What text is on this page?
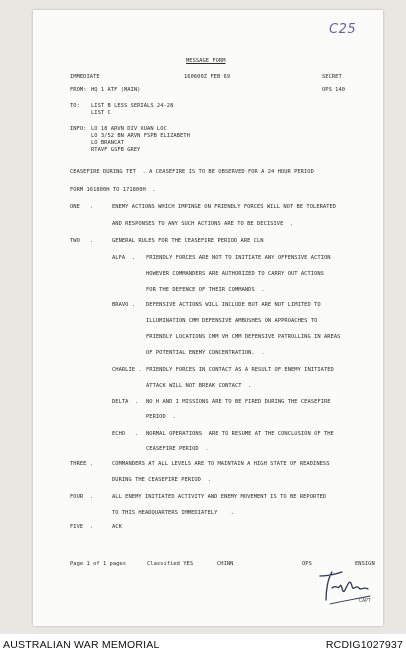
C25
MESSAGE FORM
IMMEDIATE	160600Z FEB 69	SECRET
FROM: HQ 1 ATF (MAIN)	OPS 140
TO: LIST B LESS SERIALS 24-28
LIST C
INFO: LO 18 ARVN DIV XUAN LOC
LO 3/52 BN ARVN FSPB ELIZABETH
LO BRANCAT
RTAVF GSFB GREY
CEASEFIRE DURING TET  . A CEASEFIRE IS TO BE OBSERVED FOR A 24 HOUR PERIOD
FORM 161800H TO 171800H  .
ONE   .	ENEMY ACTIONS WHICH IMPINGE ON FRIENDLY FORCES WILL NOT BE TOLERATED
AND RESPONSES TO ANY SUCH ACTIONS ARE TO BE DECISIVE  .
TWO   .	GENERAL RULES FOR THE CEASEFIRE PERIOD ARE CLN
ALFA  . FRIENDLY FORCES ARE NOT TO INITIATE ANY OFFENSIVE ACTION
HOWEVER COMMANDERS ARE AUTHORIZED TO CARRY OUT ACTIONS
FOR THE DEFENCE OF THEIR COMMANDS  .
BRAVO . DEFENSIVE ACTIONS WILL INCLUDE BUT ARE NOT LIMITED TO
ILLUMINATION CMM DEFENSIVE AMBUSHES ON APPROACHES TO
FRIENDLY LOCATIONS CMM VH CMM DEFENSIVE PATROLLING IN AREAS
OF POTENTIAL ENEMY CONCENTRATION.  .
CHARLIE . FRIENDLY FORCES IN CONTACT AS A RESULT OF ENEMY INITIATED
ATTACK WILL NOT BREAK CONTACT  .
DELTA  . NO H AND I MISSIONS ARE TO BE FIRED DURING THE CEASEFIRE
PERIOD  .
ECHO   . NORMAL OPERATIONS  ARE TO RESUME AT THE CONCLUSION OF THE
CEASEFIRE PERIOD  .
THREE .	COMMANDERS AT ALL LEVELS ARE TO MAINTAIN A HIGH STATE OF READINESS
DURING THE CEASEFIRE PERIOD  .
FOUR  .	ALL ENEMY INITIATED ACTIVITY AND ENEMY MOVEMENT IS TO BE REPORTED
TO THIS HEADQUARTERS IMMEDIATELY    .
FIVE  .	ACK
Page 1 of 1 pages	Classified YES	CHINN	OPS	ENSIGN
CAPT
AUSTRALIAN WAR MEMORIAL	RCDIG1027937
